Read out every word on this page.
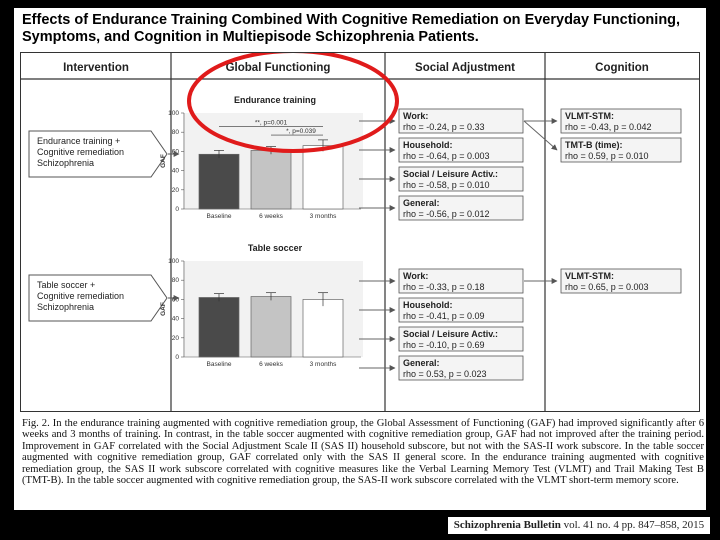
Effects of Endurance Training Combined With Cognitive Remediation on Everyday Functioning, Symptoms, and Cognition in Multiepisode Schizophrenia Patients.
Intervention	Global Functioning	Social Adjustment	Cognition
Endurance training +
Cognitive remediation
Schizophrenia
Endurance training
0
20
40
60
80
100
GAF
Baseline	6 weeks	3 months
**, p=0.001
*, p=0.039
Work:
rho = -0.24, p = 0.33
Household:
rho = -0.64, p = 0.003
Social / Leisure Activ.:
rho = -0.58, p = 0.010
General:
rho = -0.56, p = 0.012
VLMT-STM:
rho = -0.43, p = 0.042
TMT-B (time):
rho = 0.59, p = 0.010
Table soccer +
Cognitive remediation
Schizophrenia
Table soccer
0
20
40
60
80
100
GAF
Baseline	6 weeks	3 months
Work:
rho = -0.33, p = 0.18
Household:
rho = -0.41, p = 0.09
Social / Leisure Activ.:
rho = -0.10, p = 0.69
General:
rho = 0.53, p = 0.023
VLMT-STM:
rho = 0.65, p = 0.003
Fig. 2. In the endurance training augmented with cognitive remediation group, the Global Assessment of Functioning (GAF) had improved significantly after 6 weeks and 3 months of training. In contrast, in the table soccer augmented with cognitive remediation group, GAF had not improved after the training period. Improvement in GAF correlated with the Social Adjustment Scale II (SAS II) household subscore, but not with the SAS-II work subscore. In the table soccer augmented with cognitive remediation group, GAF correlated only with the SAS II general score. In the endurance training augmented with cognitive remediation group, the SAS II work subscore correlated with cognitive measures like the Verbal Learning Memory Test (VLMT) and Trail Making Test B (TMT-B). In the table soccer augmented with cognitive remediation group, the SAS-II work subscore correlated with the VLMT short-term memory score.
Schizophrenia Bulletin vol. 41 no. 4 pp. 847–858, 2015
